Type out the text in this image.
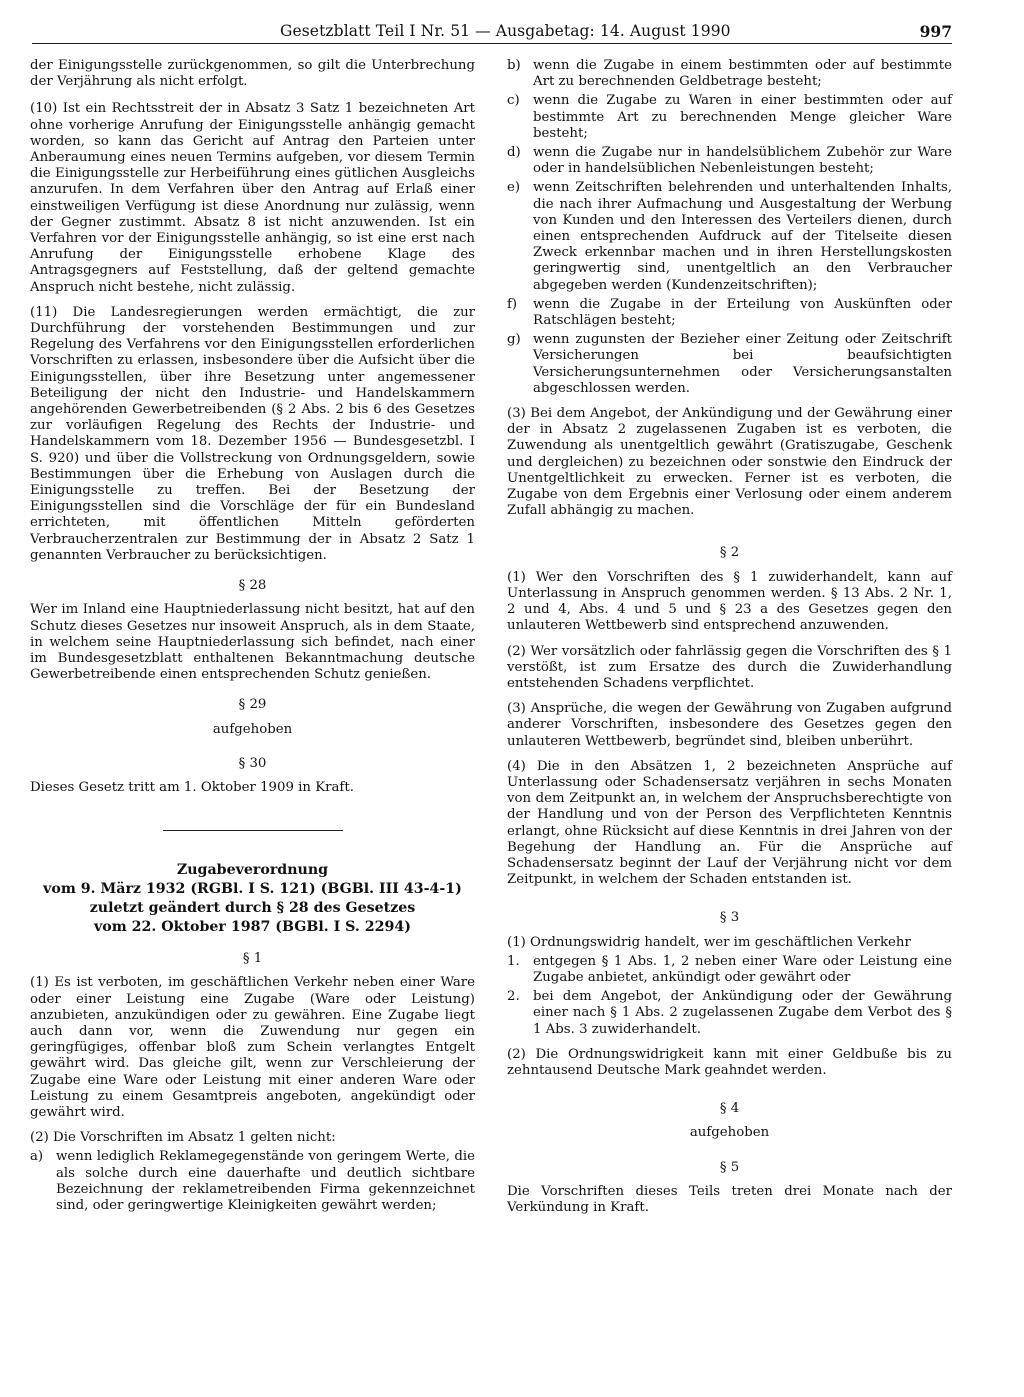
Gesetzblatt Teil I Nr. 51 — Ausgabetag: 14. August 1990	997

der Einigungsstelle zurückgenommen, so gilt die Unterbrechung der Verjährung als nicht erfolgt.

(10) Ist ein Rechtsstreit der in Absatz 3 Satz 1 bezeichneten Art ohne vorherige Anrufung der Einigungsstelle anhängig gemacht worden, so kann das Gericht auf Antrag den Parteien unter Anberaumung eines neuen Termins aufgeben, vor diesem Termin die Einigungsstelle zur Herbeiführung eines gütlichen Ausgleichs anzurufen. In dem Verfahren über den Antrag auf Erlaß einer einstweiligen Verfügung ist diese Anordnung nur zulässig, wenn der Gegner zustimmt. Absatz 8 ist nicht anzuwenden. Ist ein Verfahren vor der Einigungsstelle anhängig, so ist eine erst nach Anrufung der Einigungsstelle erhobene Klage des Antragsgegners auf Feststellung, daß der geltend gemachte Anspruch nicht bestehe, nicht zulässig.

(11) Die Landesregierungen werden ermächtigt, die zur Durchführung der vorstehenden Bestimmungen und zur Regelung des Verfahrens vor den Einigungsstellen erforderlichen Vorschriften zu erlassen, insbesondere über die Aufsicht über die Einigungsstellen, über ihre Besetzung unter angemessener Beteiligung der nicht den Industrie- und Handelskammern angehörenden Gewerbetreibenden (§ 2 Abs. 2 bis 6 des Gesetzes zur vorläufigen Regelung des Rechts der Industrie- und Handelskammern vom 18. Dezember 1956 — Bundesgesetzbl. I S. 920) und über die Vollstreckung von Ordnungsgeldern, sowie Bestimmungen über die Erhebung von Auslagen durch die Einigungsstelle zu treffen. Bei der Besetzung der Einigungsstellen sind die Vorschläge der für ein Bundesland errichteten, mit öffentlichen Mitteln geförderten Verbraucherzentralen zur Bestimmung der in Absatz 2 Satz 1 genannten Verbraucher zu berücksichtigen.

§ 28

Wer im Inland eine Hauptniederlassung nicht besitzt, hat auf den Schutz dieses Gesetzes nur insoweit Anspruch, als in dem Staate, in welchem seine Hauptniederlassung sich befindet, nach einer im Bundesgesetzblatt enthaltenen Bekanntmachung deutsche Gewerbetreibende einen entsprechenden Schutz genießen.

§ 29
aufgehoben
§ 30

Dieses Gesetz tritt am 1. Oktober 1909 in Kraft.

Zugabeverordnung
vom 9. März 1932 (RGBl. I S. 121) (BGBl. III 43-4-1)
zuletzt geändert durch § 28 des Gesetzes
vom 22. Oktober 1987 (BGBl. I S. 2294)
§ 1

(1) Es ist verboten, im geschäftlichen Verkehr neben einer Ware oder einer Leistung eine Zugabe (Ware oder Leistung) anzubieten, anzukündigen oder zu gewähren. Eine Zugabe liegt auch dann vor, wenn die Zuwendung nur gegen ein geringfügiges, offenbar bloß zum Schein verlangtes Entgelt gewährt wird. Das gleiche gilt, wenn zur Verschleierung der Zugabe eine Ware oder Leistung mit einer anderen Ware oder Leistung zu einem Gesamtpreis angeboten, angekündigt oder gewährt wird.

(2) Die Vorschriften im Absatz 1 gelten nicht:

a) wenn lediglich Reklamegegenstände von geringem Werte, die als solche durch eine dauerhafte und deutlich sichtbare Bezeichnung der reklametreibenden Firma gekennzeichnet sind, oder geringwertige Kleinigkeiten gewährt werden;
b) wenn die Zugabe in einem bestimmten oder auf bestimmte Art zu berechnenden Geldbetrage besteht;
c)	wenn die Zugabe zu Waren in einer bestimmten oder auf bestimmte Art zu berechnenden Menge gleicher Ware besteht;
d) wenn die Zugabe nur in handelsüblichem Zubehör zur Ware oder in handelsüblichen Nebenleistungen besteht;
e) wenn Zeitschriften belehrenden und unterhaltenden Inhalts, die nach ihrer Aufmachung und Ausgestaltung der Werbung von Kunden und den Interessen des Verteilers dienen, durch einen entsprechenden Aufdruck auf der Titelseite diesen Zweck erkennbar machen und in ihren Herstellungskosten geringwertig sind, unentgeltlich an den Verbraucher abgegeben werden (Kundenzeitschriften);
f)	wenn die Zugabe in der Erteilung von Auskünften oder Ratschlägen besteht;
g) wenn zugunsten der Bezieher einer Zeitung oder Zeitschrift Versicherungen bei beaufsichtigten Versicherungsunternehmen oder Versicherungsanstalten abgeschlossen werden.

(3) Bei dem Angebot, der Ankündigung und der Gewährung einer der in Absatz 2 zugelassenen Zugaben ist es verboten, die Zuwendung als unentgeltlich gewährt (Gratiszugabe, Geschenk und dergleichen) zu bezeichnen oder sonstwie den Eindruck der Unentgeltlichkeit zu erwecken. Ferner ist es verboten, die Zugabe von dem Ergebnis einer Verlosung oder einem anderem Zufall abhängig zu machen.

§ 2

(1) Wer den Vorschriften des § 1 zuwiderhandelt, kann auf Unterlassung in Anspruch genommen werden. § 13 Abs. 2 Nr. 1, 2 und 4, Abs. 4 und 5 und § 23 a des Gesetzes gegen den unlauteren Wettbewerb sind entsprechend anzuwenden.

(2) Wer vorsätzlich oder fahrlässig gegen die Vorschriften des § 1 verstößt, ist zum Ersatze des durch die Zuwiderhandlung entstehenden Schadens verpflichtet.

(3) Ansprüche, die wegen der Gewährung von Zugaben aufgrund anderer Vorschriften, insbesondere des Gesetzes gegen den unlauteren Wettbewerb, begründet sind, bleiben unberührt.

(4) Die in den Absätzen 1, 2 bezeichneten Ansprüche auf Unterlassung oder Schadensersatz verjähren in sechs Monaten von dem Zeitpunkt an, in welchem der Anspruchsberechtigte von der Handlung und von der Person des Verpflichteten Kenntnis erlangt, ohne Rücksicht auf diese Kenntnis in drei Jahren von der Begehung der Handlung an. Für die Ansprüche auf Schadensersatz beginnt der Lauf der Verjährung nicht vor dem Zeitpunkt, in welchem der Schaden entstanden ist.

§ 3

(1) Ordnungswidrig handelt, wer im geschäftlichen Verkehr

1.	entgegen § 1 Abs. 1, 2 neben einer Ware oder Leistung eine Zugabe anbietet, ankündigt oder gewährt oder
2.	bei dem Angebot, der Ankündigung oder der Gewährung einer nach § 1 Abs. 2 zugelassenen Zugabe dem Verbot des § 1 Abs. 3 zuwiderhandelt.

(2) Die Ordnungswidrigkeit kann mit einer Geldbuße bis zu zehntausend Deutsche Mark geahndet werden.

§ 4
aufgehoben
§ 5

Die Vorschriften dieses Teils treten drei Monate nach der Verkündung in Kraft.
